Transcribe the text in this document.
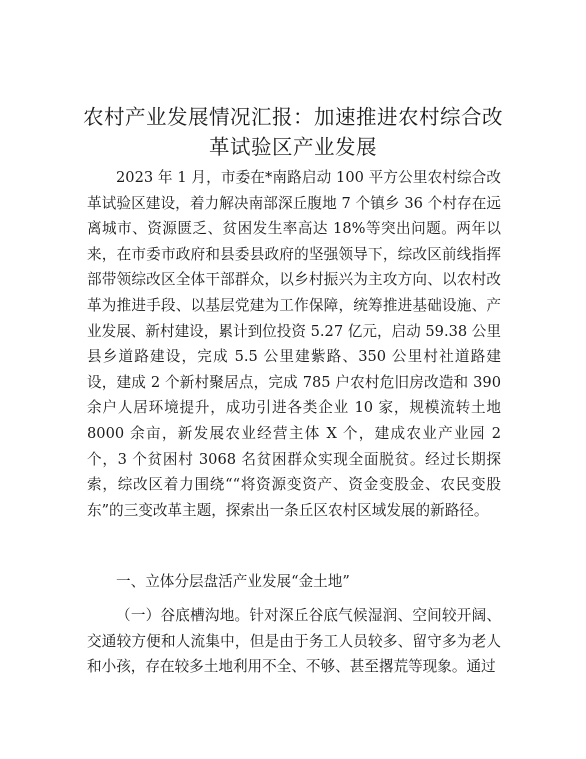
农村产业发展情况汇报：加速推进农村综合改革试验区产业发展

2023 年 1 月，市委在*南路启动 100 平方公里农村综合改革试验区建设，着力解决南部深丘腹地 7 个镇乡 36 个村存在远离城市、资源匮乏、贫困发生率高达 18%等突出问题。两年以来，在市委市政府和县委县政府的坚强领导下，综改区前线指挥部带领综改区全体干部群众，以乡村振兴为主攻方向、以农村改革为推进手段、以基层党建为工作保障，统筹推进基础设施、产业发展、新村建设，累计到位投资 5.27 亿元，启动 59.38 公里县乡道路建设，完成 5.5 公里建紫路、350 公里村社道路建设，建成 2 个新村聚居点，完成 785 户农村危旧房改造和 390 余户人居环境提升，成功引进各类企业 10 家，规模流转土地 8000 余亩，新发展农业经营主体 X 个，建成农业产业园 2 个，3 个贫困村 3068 名贫困群众实现全面脱贫。经过长期探索，综改区着力围绕““将资源变资产、资金变股金、农民变股东”的三变改革主题，探索出一条丘区农村区域发展的新路径。

一、立体分层盘活产业发展“金土地”

（一）谷底槽沟地。针对深丘谷底气候湿润、空间较开阔、交通较方便和人流集中，但是由于务工人员较多、留守多为老人和小孩，存在较多土地利用不全、不够、甚至撂荒等现象。通过
